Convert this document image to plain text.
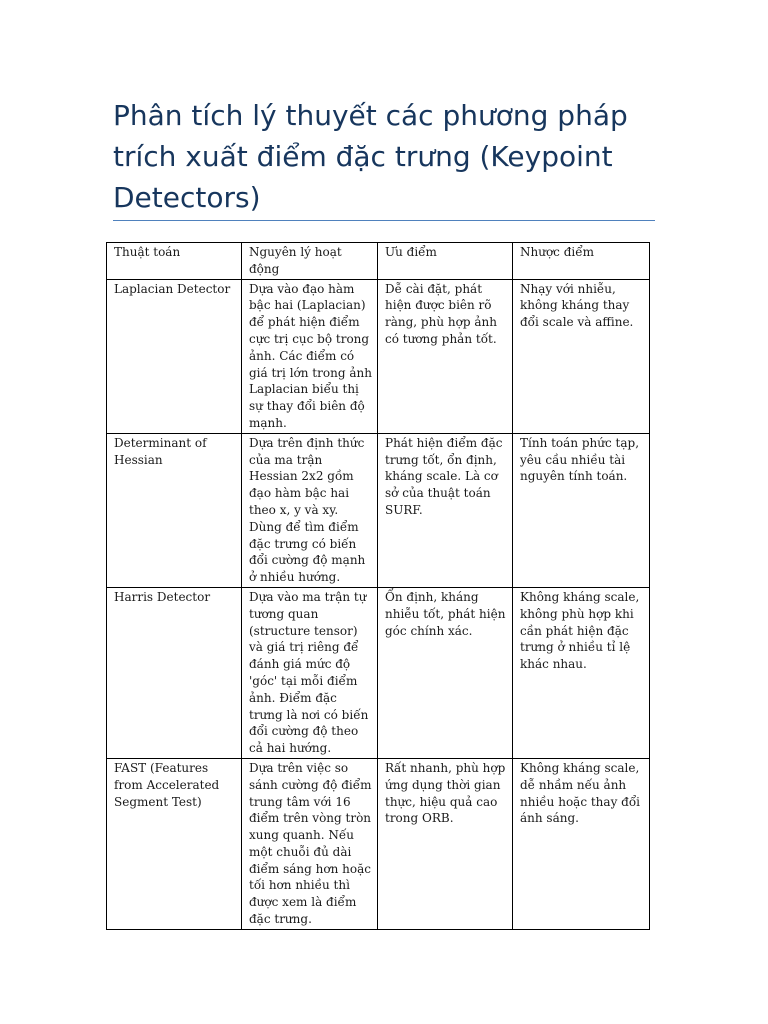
Phân tích lý thuyết các phương pháp trích xuất điểm đặc trưng (Keypoint Detectors)
Thuật toán	Nguyên lý hoạt động	Ưu điểm	Nhược điểm
Laplacian Detector	Dựa vào đạo hàm bậc hai (Laplacian) để phát hiện điểm cực trị cục bộ trong ảnh. Các điểm có giá trị lớn trong ảnh Laplacian biểu thị sự thay đổi biên độ mạnh.	Dễ cài đặt, phát hiện được biên rõ ràng, phù hợp ảnh có tương phản tốt.	Nhạy với nhiễu, không kháng thay đổi scale và affine.
Determinant of Hessian	Dựa trên định thức của ma trận Hessian 2x2 gồm đạo hàm bậc hai theo x, y và xy. Dùng để tìm điểm đặc trưng có biến đổi cường độ mạnh ở nhiều hướng.	Phát hiện điểm đặc trưng tốt, ổn định, kháng scale. Là cơ sở của thuật toán SURF.	Tính toán phức tạp, yêu cầu nhiều tài nguyên tính toán.
Harris Detector	Dựa vào ma trận tự tương quan (structure tensor) và giá trị riêng để đánh giá mức độ 'góc' tại mỗi điểm ảnh. Điểm đặc trưng là nơi có biến đổi cường độ theo cả hai hướng.	Ổn định, kháng nhiễu tốt, phát hiện góc chính xác.	Không kháng scale, không phù hợp khi cần phát hiện đặc trưng ở nhiều tỉ lệ khác nhau.
FAST (Features from Accelerated Segment Test)	Dựa trên việc so sánh cường độ điểm trung tâm với 16 điểm trên vòng tròn xung quanh. Nếu một chuỗi đủ dài điểm sáng hơn hoặc tối hơn nhiều thì được xem là điểm đặc trưng.	Rất nhanh, phù hợp ứng dụng thời gian thực, hiệu quả cao trong ORB.	Không kháng scale, dễ nhầm nếu ảnh nhiều hoặc thay đổi ánh sáng.
